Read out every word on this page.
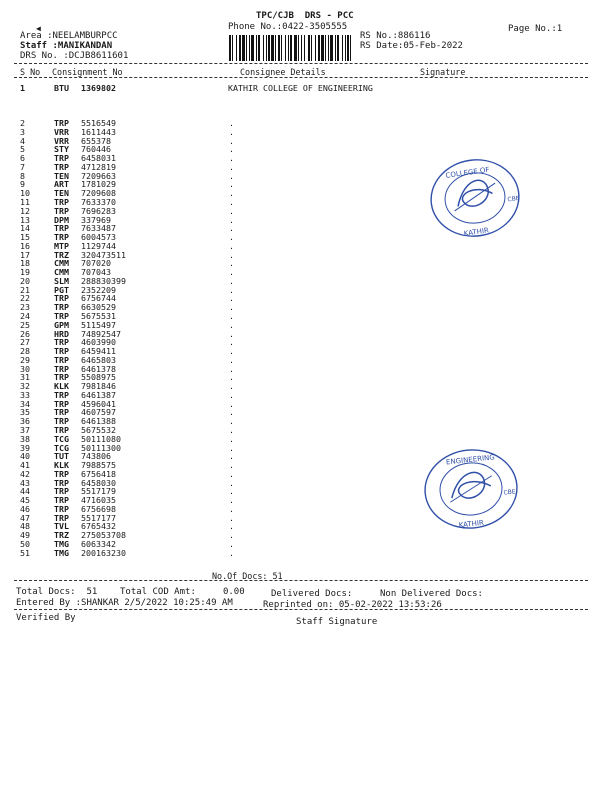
TPC/CJB  DRS - PCC
Phone No.:0422-3505555	Page No.:1
◀
Area :NEELAMBURPCC
Staff :MANIKANDAN
DRS No. :DCJB8611601
RS No.:886116
RS Date:05-Feb-2022
S No Consignment No	Consignee Details	Signature
1	BTU 1369802	KATHIR COLLEGE OF ENGINEERING
2	TRP 5516549	.
3	VRR 1611443	.
4	VRR 655378	.
5	STY 760446	.
6	TRP 6458031	.
7	TRP 4712819	.
8	TEN 7209663	.
9	ART 1781029	.
10	TEN 7209608	.
11	TRP 7633370	.
12	TRP 7696283	.
13	DPM 337969	.
14	TRP 7633487	.
15	TRP 6004573	.
16	MTP 1129744	.
17	TRZ 320473511	.
18	CMM 707020	.
19	CMM 707043	.
20	SLM 288830399	.
21	PGT 2352209	.
22	TRP 6756744	.
23	TRP 6630529	.
24	TRP 5675531	.
25	GPM 5115497	.
26	HRD 74892547	.
27	TRP 4603990	.
28	TRP 6459411	.
29	TRP 6465803	.
30	TRP 6461378	.
31	TRP 5508975	.
32	KLK 7981846	.
33	TRP 6461387	.
34	TRP 4596041	.
35	TRP 4607597	.
36	TRP 6461388	.
37	TRP 5675532	.
38	TCG 50111080	.
39	TCG 50111300	.
40	TUT 743806	.
41	KLK 7988575	.
42	TRP 6756418	.
43	TRP 6458030	.
44	TRP 5517179	.
45	TRP 4716035	.
46	TRP 6756698	.
47	TRP 5517177	.
48	TVL 6765432	.
49	TRZ 275053708	.
50	TMG 6063342	.
51	TMG 200163230	.
No.Of Docs: 51
Total Docs:  51	Total COD Amt:     0.00	Delivered Docs:	Non Delivered Docs:
Entered By :SHANKAR 2/5/2022 10:25:49 AM	Reprinted on: 05-02-2022 13:53:26
Verified By	Staff Signature
COLLEGE OF
KATHIR
CBE
ENGINEERING
KATHIR
CBE
